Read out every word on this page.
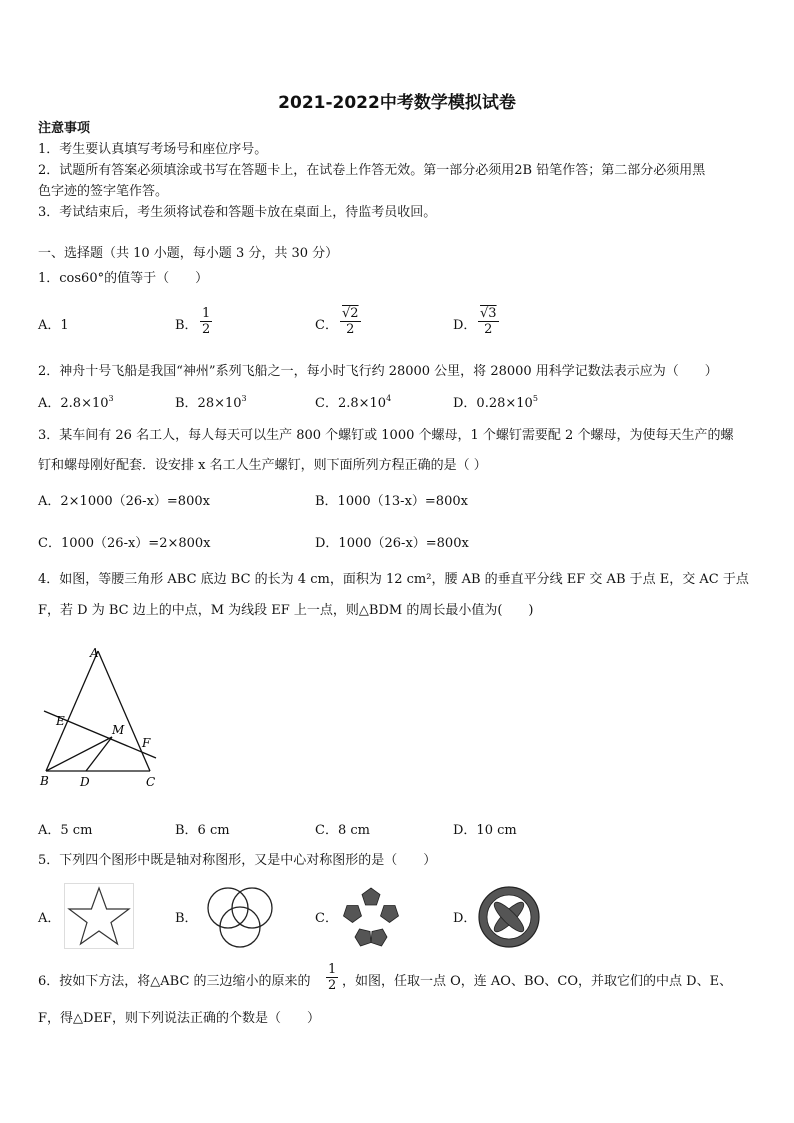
2021-2022中考数学模拟试卷
注意事项
1．考生要认真填写考场号和座位序号。
2．试题所有答案必须填涂或书写在答题卡上，在试卷上作答无效。第一部分必须用2B 铅笔作答；第二部分必须用黑
色字迹的签字笔作答。
3．考试结束后，考生须将试卷和答题卡放在桌面上，待监考员收回。
一、选择题（共 10 小题，每小题 3 分，共 30 分）
1．cos60°的值等于（　　）
A．1	B． $\frac{1}{2}$	C． $\frac{√2}{2}$	D． $\frac{√3}{2}$
2．神舟十号飞船是我国“神州”系列飞船之一，每小时飞行约 28000 公里，将 28000 用科学记数法表示应为（　　）
A．$2.8\times 10^3$	B．$28\times 10^3$	C．$2.8\times 10^4$	D．$0.28\times 10^5$
3．某车间有 26 名工人，每人每天可以生产 800 个螺钉或 1000 个螺母，1 个螺钉需要配 2 个螺母，为使每天生产的螺
钉和螺母刚好配套．设安排 x 名工人生产螺钉，则下面所列方程正确的是（ ）
A．2×1000（26-x）=800x	B．1000（13-x）=800x
C．1000（26-x）=2×800x	D．1000（26-x）=800x
4．如图，等腰三角形 ABC 底边 BC 的长为 4 cm，面积为 12 cm²，腰 AB 的垂直平分线 EF 交 AB 于点 E，交 AC 于点
F，若 D 为 BC 边上的中点，M 为线段 EF 上一点，则△BDM 的周长最小值为(　　)
A
E
M
F
B	D	C
A．5 cm	B．6 cm	C．8 cm	D．10 cm
5．下列四个图形中既是轴对称图形，又是中心对称图形的是（　　）
A．	B．	C．	D．
6．按如下方法，将△ABC 的三边缩小的原来的 $\frac{1}{2}$ ，如图，任取一点 O，连 AO、BO、CO，并取它们的中点 D、E、
F，得△DEF，则下列说法正确的个数是（　　）
